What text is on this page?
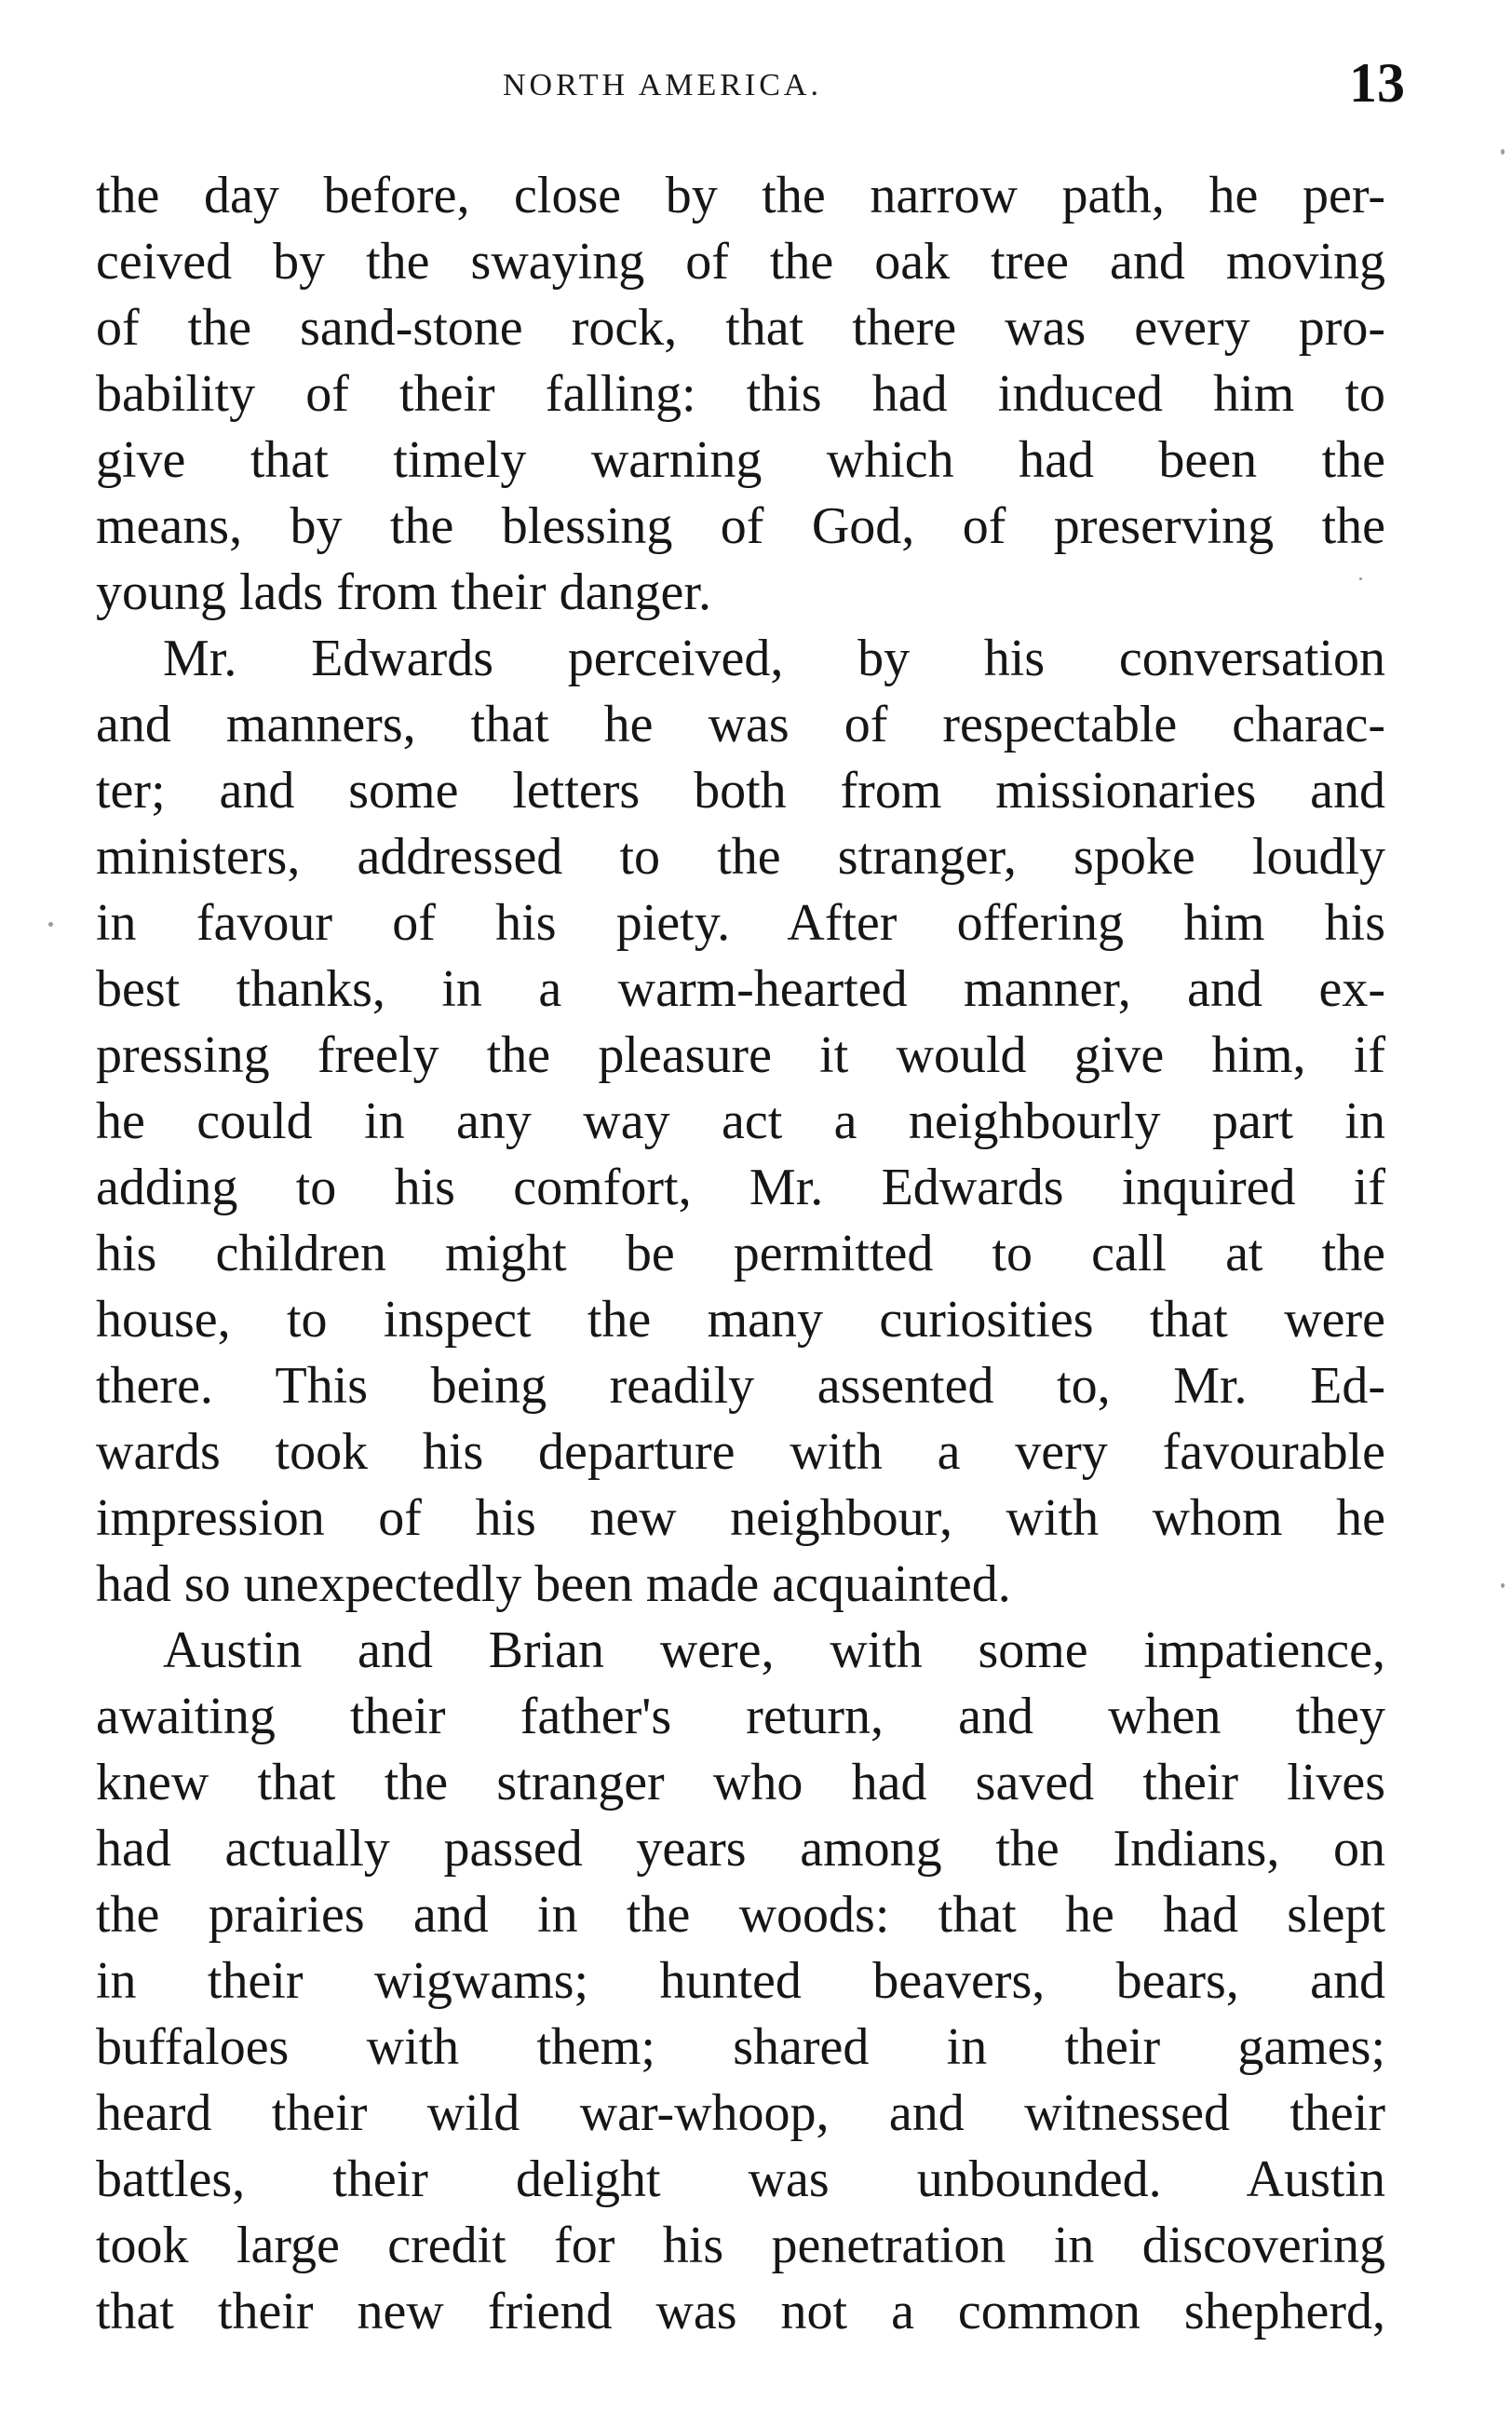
NORTH AMERICA.	13
the day before, close by the narrow path, he per-
ceived by the swaying of the oak tree and moving
of the sand-stone rock, that there was every pro-
bability of their falling: this had induced him to
give that timely warning which had been the
means, by the blessing of God, of preserving the
young lads from their danger.
Mr. Edwards perceived, by his conversation
and manners, that he was of respectable charac-
ter; and some letters both from missionaries and
ministers, addressed to the stranger, spoke loudly
in favour of his piety. After offering him his
best thanks, in a warm-hearted manner, and ex-
pressing freely the pleasure it would give him, if
he could in any way act a neighbourly part in
adding to his comfort, Mr. Edwards inquired if
his children might be permitted to call at the
house, to inspect the many curiosities that were
there. This being readily assented to, Mr. Ed-
wards took his departure with a very favourable
impression of his new neighbour, with whom he
had so unexpectedly been made acquainted.
Austin and Brian were, with some impatience,
awaiting their father's return, and when they
knew that the stranger who had saved their lives
had actually passed years among the Indians, on
the prairies and in the woods: that he had slept
in their wigwams; hunted beavers, bears, and
buffaloes with them; shared in their games;
heard their wild war-whoop, and witnessed their
battles, their delight was unbounded. Austin
took large credit for his penetration in discovering
that their new friend was not a common shepherd,
